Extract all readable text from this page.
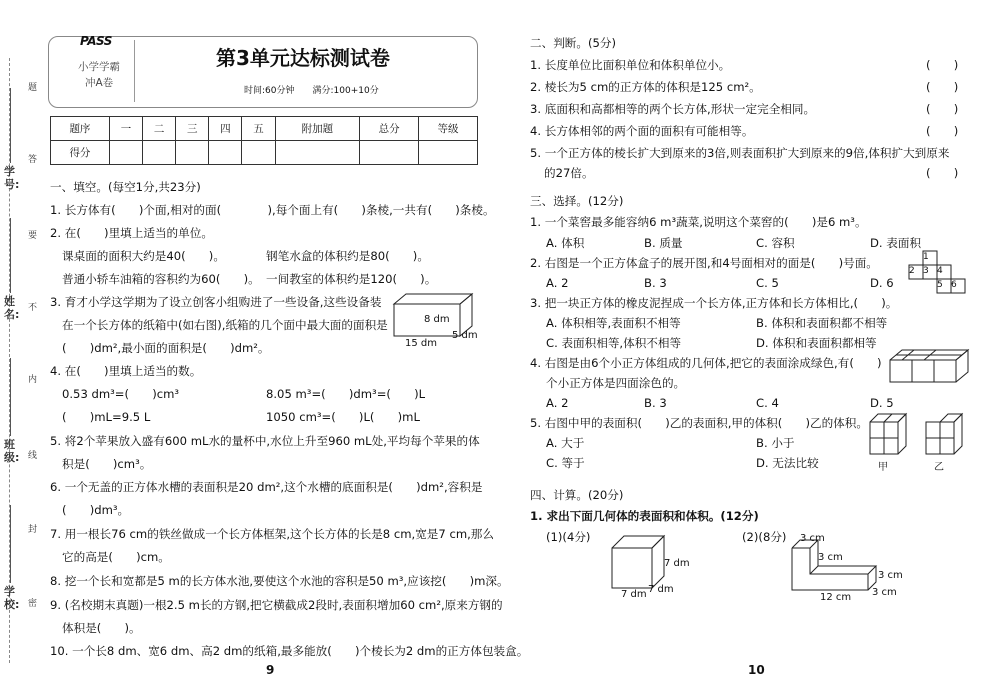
学号:
姓名:
班级:
学校:
题
答
要
不
内
线
封
密
PASS
小学学霸
冲A卷
第3单元达标测试卷
时间:60分钟　　满分:100+10分
题序	一	二	三	四	五	附加题	总分	等级
得分								
一、填空。(每空1分,共23分)
1. 长方体有(　　)个面,相对的面(　　　　),每个面上有(　　)条棱,一共有(　　)条棱。
2. 在(　　)里填上适当的单位。
课桌面的面积大约是40(　　)。	钢笔水盒的体积约是80(　　)。
普通小轿车油箱的容积约为60(　　)。 一间教室的体积约是120(　　)。
3. 育才小学这学期为了设立创客小组购进了一些设备,这些设备装
在一个长方体的纸箱中(如右图),纸箱的几个面中最大面的面积是
(　　)dm²,最小面的面积是(　　)dm²。
8 dm
15 dm
5 dm
4. 在(　　)里填上适当的数。
0.53 dm³=(　　)cm³	8.05 m³=(　　)dm³=(　　)L
(　　)mL=9.5 L	1050 cm³=(　　)L(　　)mL
5. 将2个苹果放入盛有600 mL水的量杯中,水位上升至960 mL处,平均每个苹果的体
积是(　　)cm³。
6. 一个无盖的正方体水槽的表面积是20 dm²,这个水槽的底面积是(　　)dm²,容积是
(　　)dm³。
7. 用一根长76 cm的铁丝做成一个长方体框架,这个长方体的长是8 cm,宽是7 cm,那么
它的高是(　　)cm。
8. 挖一个长和宽都是5 m的长方体水池,要使这个水池的容积是50 m³,应该挖(　　)m深。
9. (名校期末真题)一根2.5 m长的方钢,把它横截成2段时,表面积增加60 cm²,原来方钢的
体积是(　　)。
10. 一个长8 dm、宽6 dm、高2 dm的纸箱,最多能放(　　)个棱长为2 dm的正方体包装盒。
9
二、判断。(5分)
1. 长度单位比面积单位和体积单位小。	(　　)
2. 棱长为5 cm的正方体的体积是125 cm²。	(　　)
3. 底面积和高都相等的两个长方体,形状一定完全相同。	(　　)
4. 长方体相邻的两个面的面积有可能相等。	(　　)
5. 一个正方体的棱长扩大到原来的3倍,则表面积扩大到原来的9倍,体积扩大到原来
的27倍。	(　　)
三、选择。(12分)
1. 一个菜窖最多能容纳6 m³蔬菜,说明这个菜窖的(　　)是6 m³。
A. 体积	B. 质量	C. 容积	D. 表面积
2. 右图是一个正方体盒子的展开图,和4号面相对的面是(　　)号面。
A. 2	B. 3	C. 5	D. 6
1
2 3 4
5 6
3. 把一块正方体的橡皮泥捏成一个长方体,正方体和长方体相比,(　　)。
A. 体积相等,表面积不相等	B. 体积和表面积都不相等
C. 表面积相等,体积不相等	D. 体积和表面积都相等
4. 右图是由6个小正方体组成的几何体,把它的表面涂成绿色,有(　　)
个小正方体是四面涂色的。
A. 2	B. 3	C. 4	D. 5
5. 右图中甲的表面积(　　)乙的表面积,甲的体积(　　)乙的体积。
A. 大于	B. 小于
C. 等于	D. 无法比较	甲	乙
四、计算。(20分)
1. 求出下面几何体的表面积和体积。(12分)
(1)(4分)	(2)(8分)
7 dm
7 dm 7 dm
3 cm
3 cm
3 cm
12 cm 3 cm
10
